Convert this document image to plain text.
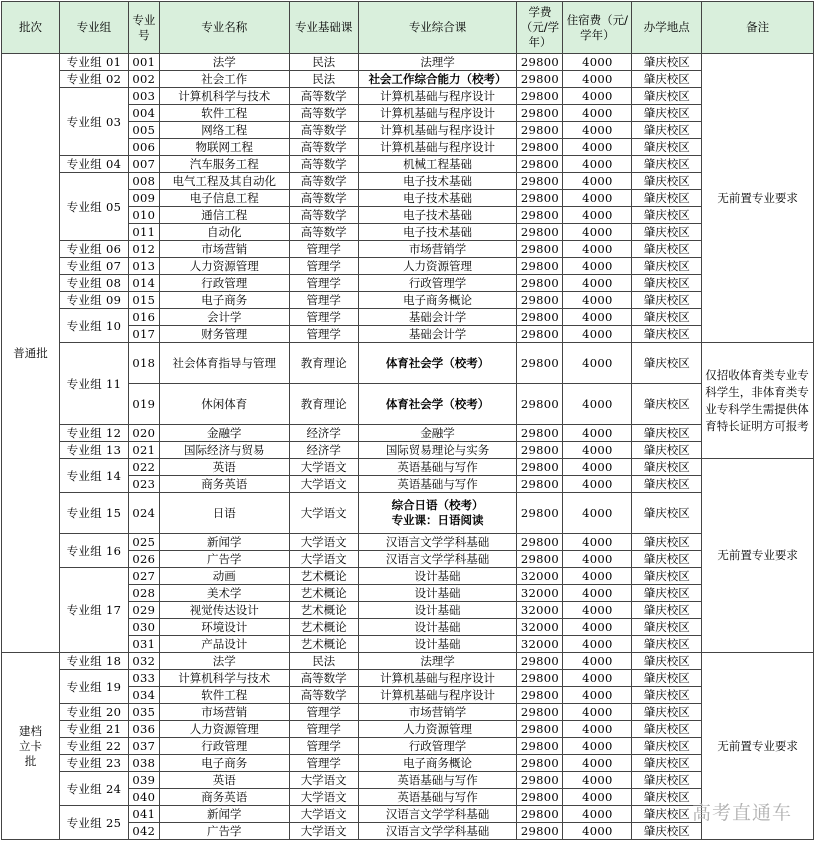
批次	专业组	专业号	专业名称	专业基础课	专业综合课	学费（元/学年）	住宿费（元/学年）	办学地点	备注
普通批	专业组 01	001	法学	民法	法理学	29800	4000	肇庆校区	无前置专业要求
	专业组 02	002	社会工作	民法	社会工作综合能力（校考）	29800	4000	肇庆校区	
	专业组 03	003	计算机科学与技术	高等数学	计算机基础与程序设计	29800	4000	肇庆校区	
		004	软件工程	高等数学	计算机基础与程序设计	29800	4000	肇庆校区	
		005	网络工程	高等数学	计算机基础与程序设计	29800	4000	肇庆校区	
		006	物联网工程	高等数学	计算机基础与程序设计	29800	4000	肇庆校区	
	专业组 04	007	汽车服务工程	高等数学	机械工程基础	29800	4000	肇庆校区	
	专业组 05	008	电气工程及其自动化	高等数学	电子技术基础	29800	4000	肇庆校区	
		009	电子信息工程	高等数学	电子技术基础	29800	4000	肇庆校区	
		010	通信工程	高等数学	电子技术基础	29800	4000	肇庆校区	
		011	自动化	高等数学	电子技术基础	29800	4000	肇庆校区	
	专业组 06	012	市场营销	管理学	市场营销学	29800	4000	肇庆校区	
	专业组 07	013	人力资源管理	管理学	人力资源管理	29800	4000	肇庆校区	
	专业组 08	014	行政管理	管理学	行政管理学	29800	4000	肇庆校区	
	专业组 09	015	电子商务	管理学	电子商务概论	29800	4000	肇庆校区	
	专业组 10	016	会计学	管理学	基础会计学	29800	4000	肇庆校区	
		017	财务管理	管理学	基础会计学	29800	4000	肇庆校区	
	专业组 11	018	社会体育指导与管理	教育理论	体育社会学（校考）	29800	4000	肇庆校区	仅招收体育类专业专科学生，非体育类专业专科学生需提供体育特长证明方可报考
		019	休闲体育	教育理论	体育社会学（校考）	29800	4000	肇庆校区	
	专业组 12	020	金融学	经济学	金融学	29800	4000	肇庆校区	
	专业组 13	021	国际经济与贸易	经济学	国际贸易理论与实务	29800	4000	肇庆校区	
	专业组 14	022	英语	大学语文	英语基础与写作	29800	4000	肇庆校区	无前置专业要求
		023	商务英语	大学语文	英语基础与写作	29800	4000	肇庆校区	
	专业组 15	024	日语	大学语文	综合日语（校考）
专业课：日语阅读	29800	4000	肇庆校区	
	专业组 16	025	新闻学	大学语文	汉语言文学学科基础	29800	4000	肇庆校区	
		026	广告学	大学语文	汉语言文学学科基础	29800	4000	肇庆校区	
	专业组 17	027	动画	艺术概论	设计基础	32000	4000	肇庆校区	
		028	美术学	艺术概论	设计基础	32000	4000	肇庆校区	
		029	视觉传达设计	艺术概论	设计基础	32000	4000	肇庆校区	
		030	环境设计	艺术概论	设计基础	32000	4000	肇庆校区	
		031	产品设计	艺术概论	设计基础	32000	4000	肇庆校区	
建档立卡批	专业组 18	032	法学	民法	法理学	29800	4000	肇庆校区	无前置专业要求
	专业组 19	033	计算机科学与技术	高等数学	计算机基础与程序设计	29800	4000	肇庆校区	
		034	软件工程	高等数学	计算机基础与程序设计	29800	4000	肇庆校区	
	专业组 20	035	市场营销	管理学	市场营销学	29800	4000	肇庆校区	
	专业组 21	036	人力资源管理	管理学	人力资源管理	29800	4000	肇庆校区	
	专业组 22	037	行政管理	管理学	行政管理学	29800	4000	肇庆校区	
	专业组 23	038	电子商务	管理学	电子商务概论	29800	4000	肇庆校区	
	专业组 24	039	英语	大学语文	英语基础与写作	29800	4000	肇庆校区	
		040	商务英语	大学语文	英语基础与写作	29800	4000	肇庆校区	
	专业组 25	041	新闻学	大学语文	汉语言文学学科基础	29800	4000	肇庆校区	
		042	广告学	大学语文	汉语言文学学科基础	29800	4000	肇庆校区	
高考直通车
